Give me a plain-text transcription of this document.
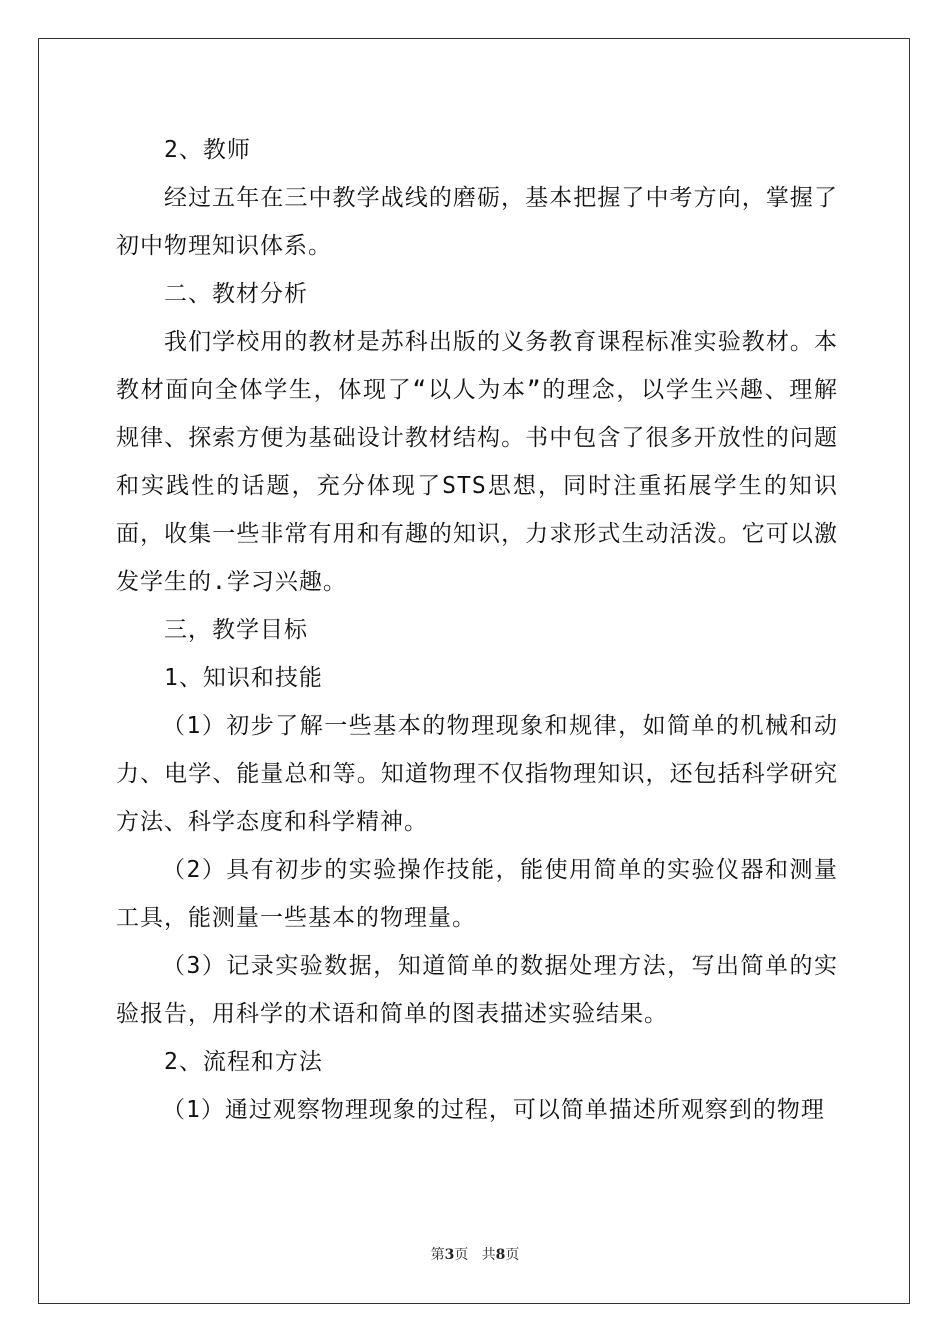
2、教师

经过五年在三中教学战线的磨砺，基本把握了中考方向，掌握了初中物理知识体系。

二、教材分析

我们学校用的教材是苏科出版的义务教育课程标准实验教材。本教材面向全体学生，体现了“以人为本”的理念，以学生兴趣、理解规律、探索方便为基础设计教材结构。书中包含了很多开放性的问题和实践性的话题，充分体现了STS思想，同时注重拓展学生的知识面，收集一些非常有用和有趣的知识，力求形式生动活泼。它可以激发学生的.学习兴趣。

三，教学目标

1、知识和技能

（1）初步了解一些基本的物理现象和规律，如简单的机械和动力、电学、能量总和等。知道物理不仅指物理知识，还包括科学研究方法、科学态度和科学精神。

（2）具有初步的实验操作技能，能使用简单的实验仪器和测量工具，能测量一些基本的物理量。

（3）记录实验数据，知道简单的数据处理方法，写出简单的实验报告，用科学的术语和简单的图表描述实验结果。

2、流程和方法

（1）通过观察物理现象的过程，可以简单描述所观察到的物理

第3页   共8页
